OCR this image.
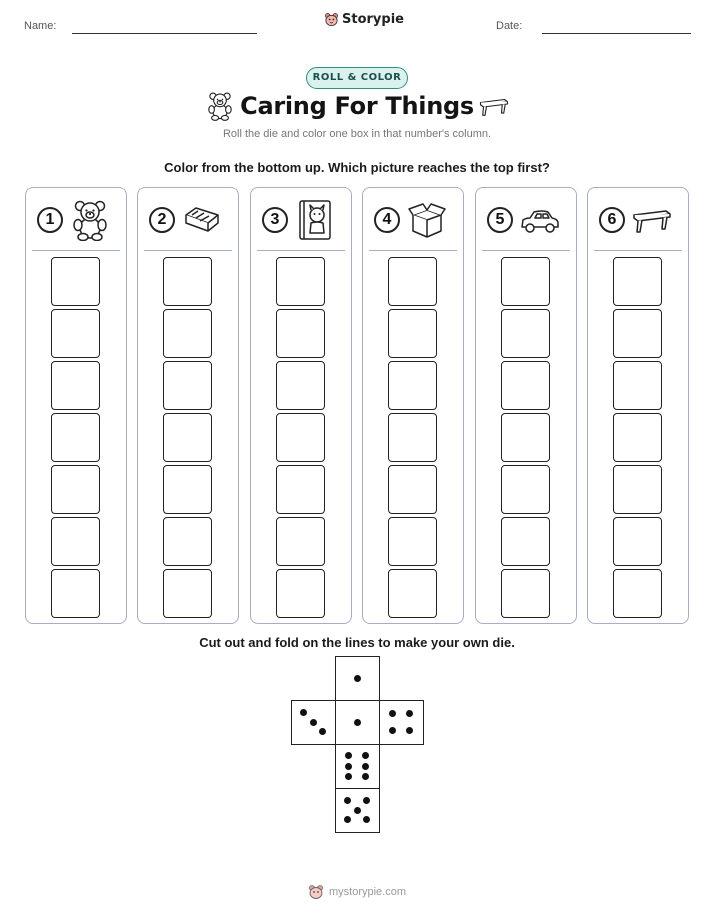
Name:	Storypie	Date:
ROLL & COLOR
Caring For Things
Roll the die and color one box in that number's column.
Color from the bottom up. Which picture reaches the top first?
1	2	3	4	5	6
Cut out and fold on the lines to make your own die.
mystorypie.com
